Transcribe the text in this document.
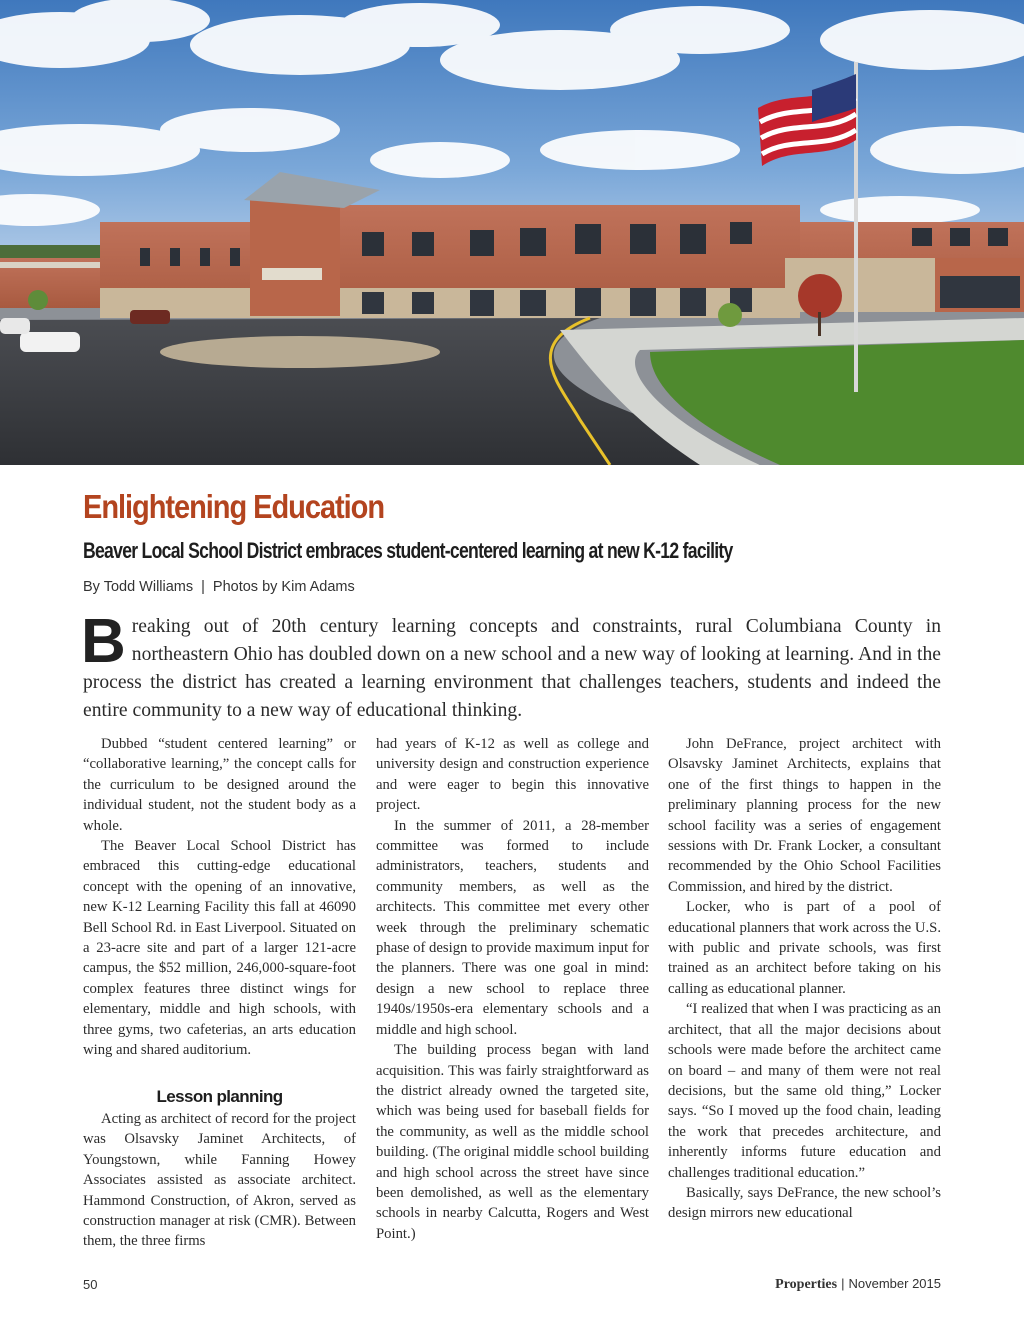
Enlightening Education
Beaver Local School District embraces student-centered learning at new K-12 facility
By Todd Williams | Photos by Kim Adams

Breaking out of 20th century learning concepts and constraints, rural Columbiana County in northeastern Ohio has doubled down on a new school and a new way of looking at learning. And in the process the district has created a learning environment that challenges teachers, students and indeed the entire community to a new way of educational thinking.

Dubbed “student centered learning” or “collaborative learning,” the concept calls for the curriculum to be designed around the individual student, not the student body as a whole.

The Beaver Local School District has embraced this cutting-edge educational concept with the opening of an innovative, new K-12 Learning Facility this fall at 46090 Bell School Rd. in East Liverpool. Situated on a 23-acre site and part of a larger 121-acre campus, the $52 million, 246,000-square-foot complex features three distinct wings for elementary, middle and high schools, with three gyms, two cafeterias, an arts education wing and shared auditorium.

Lesson planning

Acting as architect of record for the project was Olsavsky Jaminet Architects, of Youngstown, while Fanning Howey Associates assisted as associate architect. Hammond Construction, of Akron, served as construction manager at risk (CMR). Between them, the three firms

had years of K-12 as well as college and university design and construction experience and were eager to begin this innovative project.

In the summer of 2011, a 28-member committee was formed to include administrators, teachers, students and community members, as well as the architects. This committee met every other week through the preliminary schematic phase of design to provide maximum input for the planners. There was one goal in mind: design a new school to replace three 1940s/1950s-era elementary schools and a middle and high school.

The building process began with land acquisition. This was fairly straightforward as the district already owned the targeted site, which was being used for baseball fields for the community, as well as the middle school building. (The original middle school building and high school across the street have since been demolished, as well as the elementary schools in nearby Calcutta, Rogers and West Point.)

John DeFrance, project architect with Olsavsky Jaminet Architects, explains that one of the first things to happen in the preliminary planning process for the new school facility was a series of engagement sessions with Dr. Frank Locker, a consultant recommended by the Ohio School Facilities Commission, and hired by the district.

Locker, who is part of a pool of educational planners that work across the U.S. with public and private schools, was first trained as an architect before taking on his calling as educational planner.

“I realized that when I was practicing as an architect, that all the major decisions about schools were made before the architect came on board – and many of them were not real decisions, but the same old thing,” Locker says. “So I moved up the food chain, leading the work that precedes architecture, and inherently informs future education and challenges traditional education.”

Basically, says DeFrance, the new school’s design mirrors new educational

50	Properties | November 2015
